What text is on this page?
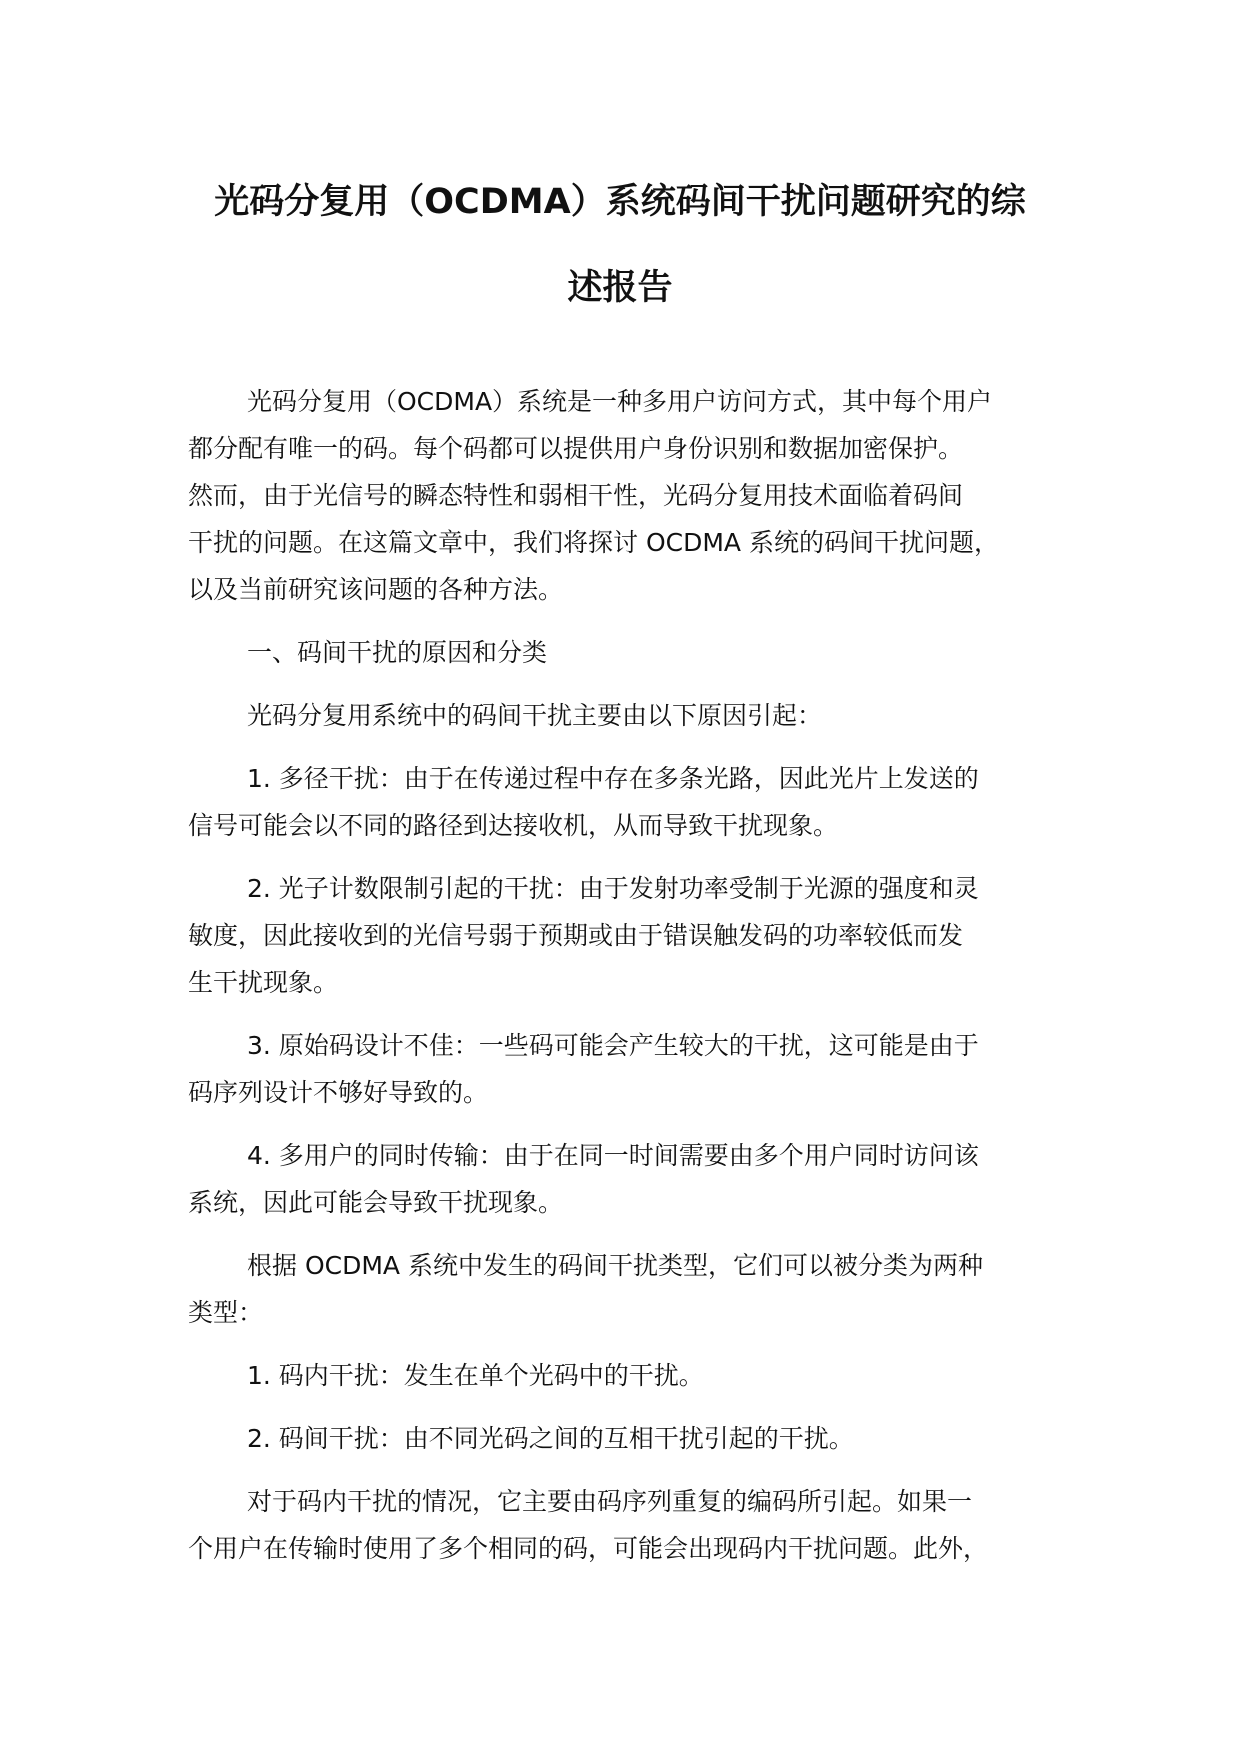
光码分复用（OCDMA）系统码间干扰问题研究的综
述报告

光码分复用（OCDMA）系统是一种多用户访问方式，其中每个用户
都分配有唯一的码。每个码都可以提供用户身份识别和数据加密保护。
然而，由于光信号的瞬态特性和弱相干性，光码分复用技术面临着码间
干扰的问题。在这篇文章中，我们将探讨 OCDMA 系统的码间干扰问题，
以及当前研究该问题的各种方法。

一、码间干扰的原因和分类

光码分复用系统中的码间干扰主要由以下原因引起：

1. 多径干扰：由于在传递过程中存在多条光路，因此光片上发送的
信号可能会以不同的路径到达接收机，从而导致干扰现象。

2. 光子计数限制引起的干扰：由于发射功率受制于光源的强度和灵
敏度，因此接收到的光信号弱于预期或由于错误触发码的功率较低而发
生干扰现象。

3. 原始码设计不佳：一些码可能会产生较大的干扰，这可能是由于
码序列设计不够好导致的。

4. 多用户的同时传输：由于在同一时间需要由多个用户同时访问该
系统，因此可能会导致干扰现象。

根据 OCDMA 系统中发生的码间干扰类型，它们可以被分类为两种
类型：

1. 码内干扰：发生在单个光码中的干扰。

2. 码间干扰：由不同光码之间的互相干扰引起的干扰。

对于码内干扰的情况，它主要由码序列重复的编码所引起。如果一
个用户在传输时使用了多个相同的码，可能会出现码内干扰问题。此外，
